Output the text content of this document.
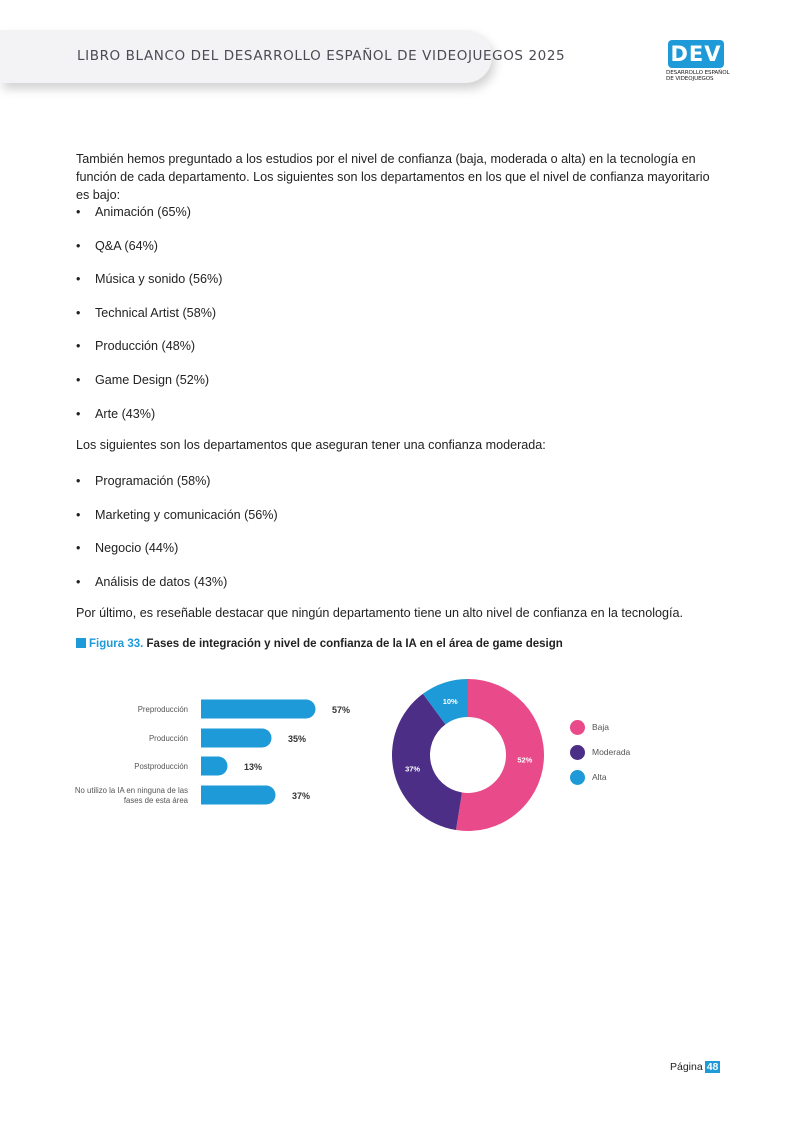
LIBRO BLANCO DEL DESARROLLO ESPAÑOL DE VIDEOJUEGOS 2025	DEV
DESARROLLO ESPAÑOL
DE VIDEOJUEGOS

También hemos preguntado a los estudios por el nivel de confianza (baja, moderada o alta) en la tecnología en función de cada departamento. Los siguientes son los departamentos en los que el nivel de confianza mayoritario es bajo:

• Animación (65%)
• Q&A (64%)
• Música y sonido (56%)
• Technical Artist (58%)
• Producción (48%)
• Game Design (52%)
• Arte (43%)

Los siguientes son los departamentos que aseguran tener una confianza moderada:

• Programación (58%)
• Marketing y comunicación (56%)
• Negocio (44%)
• Análisis de datos (43%)

Por último, es reseñable destacar que ningún departamento tiene un alto nivel de confianza en la tecnología.

Figura 33. Fases de integración y nivel de confianza de la IA en el área de game design
57%
Preproducción
35%
Producción
13%
Postproducción
37%
No utilizo la IA en ninguna de las
fases de esta área
52%
37%
10%
Baja
Moderada
Alta
Página 48
